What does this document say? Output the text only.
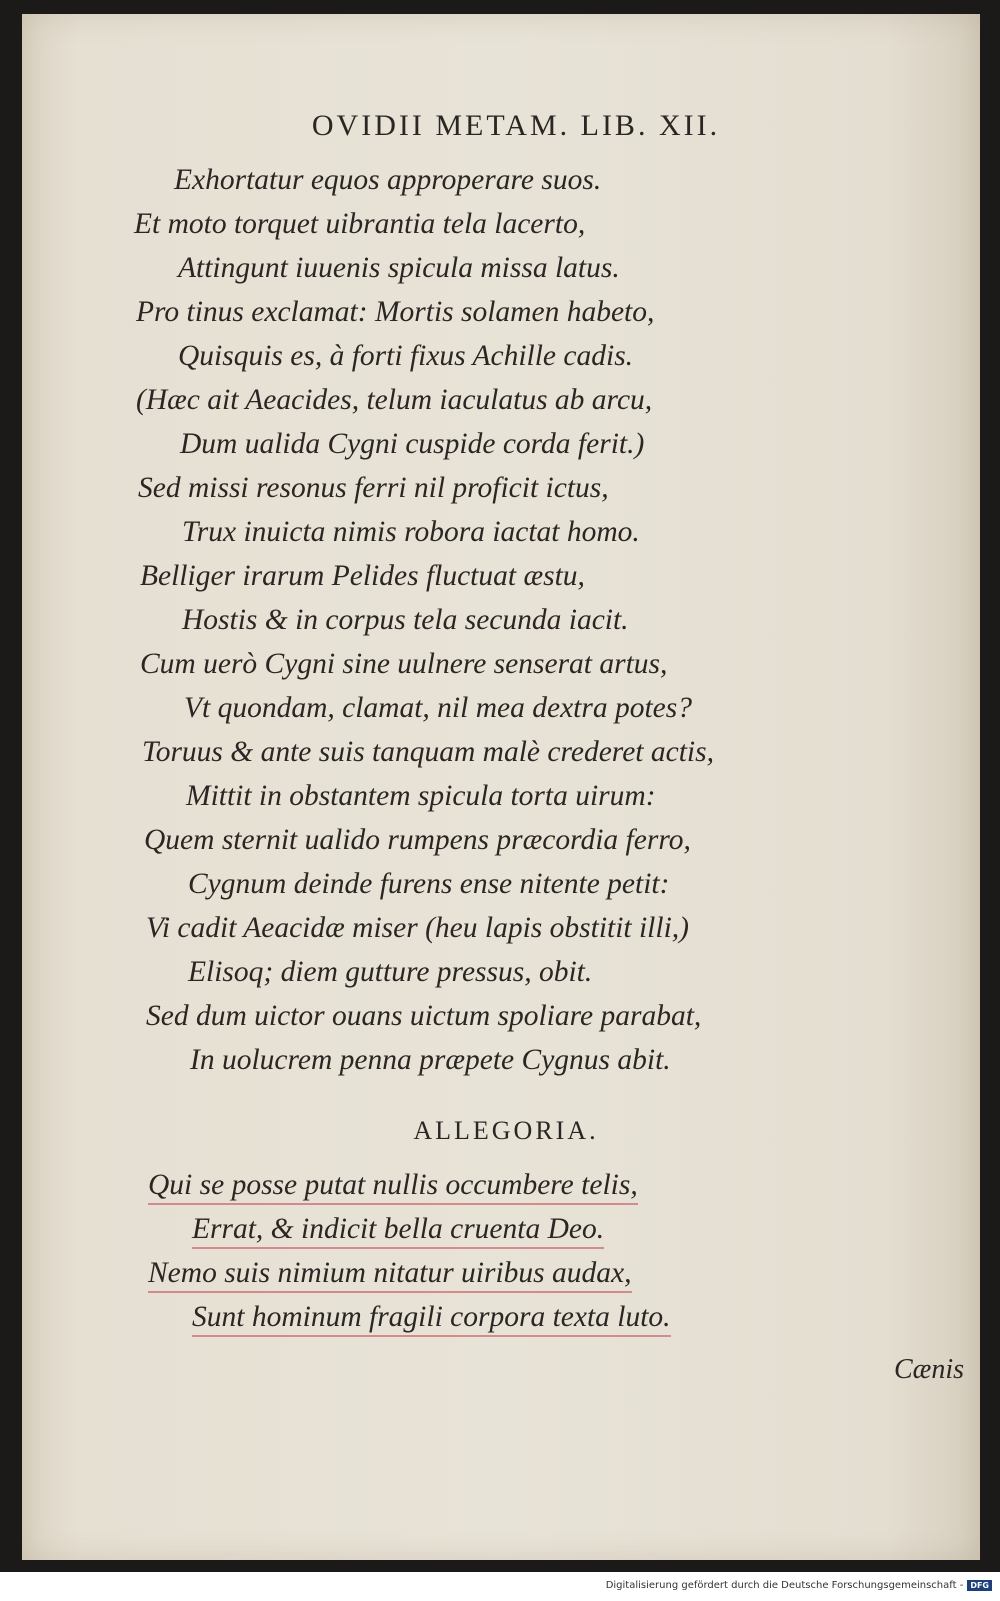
OVIDII METAM. LIB. XII.
Exhortatur equos approperare suos.
Et moto torquet uibrantia tela lacerto,
Attingunt iuuenis spicula missa latus.
Pro tinus exclamat: Mortis solamen habeto,
Quisquis es, à forti fixus Achille cadis.
(Hæc ait Aeacides, telum iaculatus ab arcu,
Dum ualida Cygni cuspide corda ferit.)
Sed missi resonus ferri nil proficit ictus,
Trux inuicta nimis robora iactat homo.
Belliger irarum Pelides fluctuat æstu,
Hostis & in corpus tela secunda iacit.
Cum uerò Cygni sine uulnere senserat artus,
Vt quondam, clamat, nil mea dextra potes?
Toruus & ante suis tanquam malè crederet actis,
Mittit in obstantem spicula torta uirum:
Quem sternit ualido rumpens præcordia ferro,
Cygnum deinde furens ense nitente petit:
Vi cadit Aeacidæ miser (heu lapis obstitit illi,)
Elisoq; diem gutture pressus, obit.
Sed dum uictor ouans uictum spoliare parabat,
In uolucrem penna præpete Cygnus abit.
ALLEGORIA.
Qui se posse putat nullis occumbere telis,
Errat, & indicit bella cruenta Deo.
Nemo suis nimium nitatur uiribus audax,
Sunt hominum fragili corpora texta luto.
Cænis
Digitalisierung gefördert durch die Deutsche Forschungsgemeinschaft - DFG
